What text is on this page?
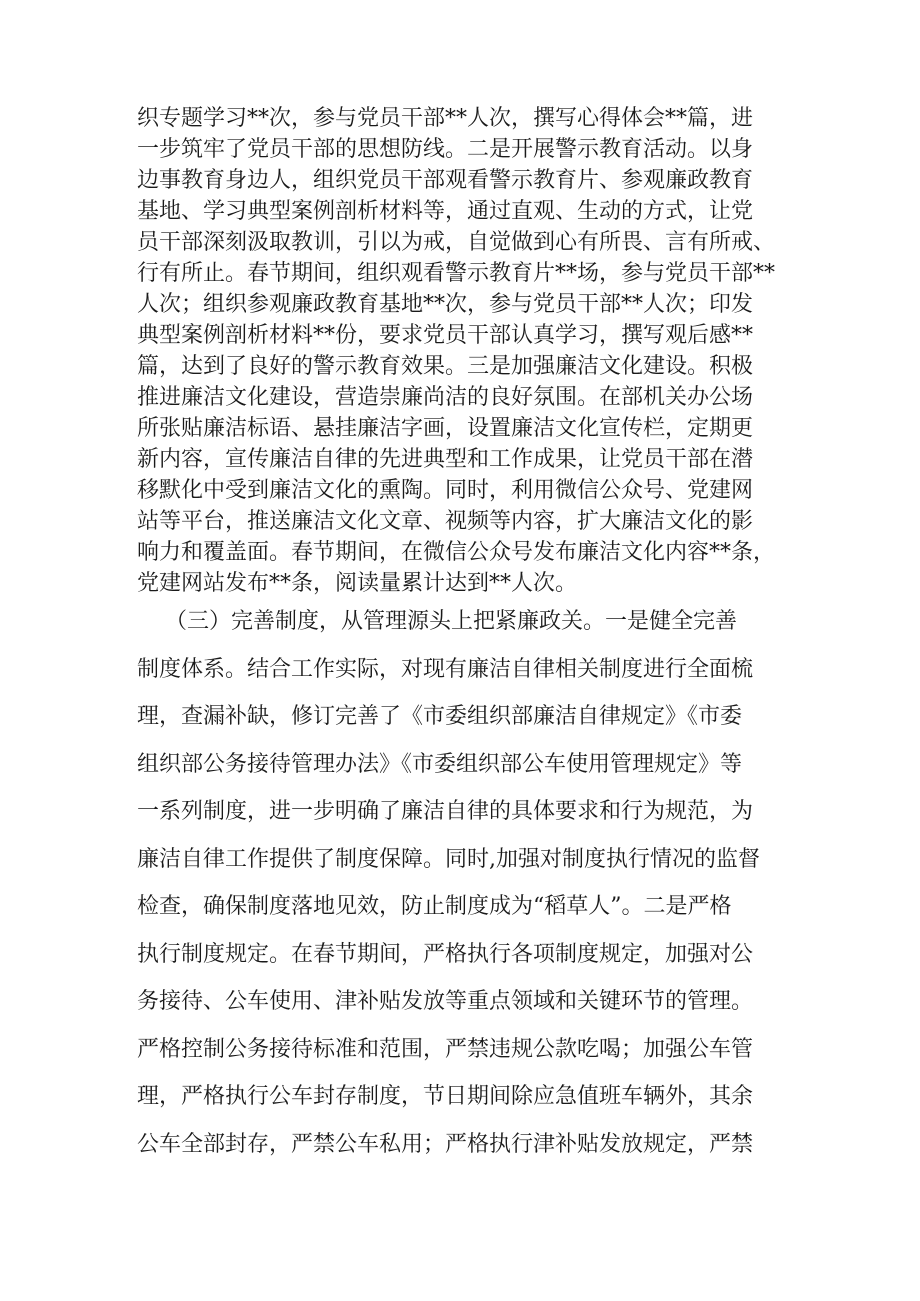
织专题学习**次，参与党员干部**人次，撰写心得体会**篇，进
一步筑牢了党员干部的思想防线。二是开展警示教育活动。以身
边事教育身边人，组织党员干部观看警示教育片、参观廉政教育
基地、学习典型案例剖析材料等，通过直观、生动的方式，让党
员干部深刻汲取教训，引以为戒，自觉做到心有所畏、言有所戒、
行有所止。春节期间，组织观看警示教育片**场，参与党员干部**
人次；组织参观廉政教育基地**次，参与党员干部**人次；印发
典型案例剖析材料**份，要求党员干部认真学习，撰写观后感**
篇，达到了良好的警示教育效果。三是加强廉洁文化建设。积极
推进廉洁文化建设，营造崇廉尚洁的良好氛围。在部机关办公场
所张贴廉洁标语、悬挂廉洁字画，设置廉洁文化宣传栏，定期更
新内容，宣传廉洁自律的先进典型和工作成果，让党员干部在潜
移默化中受到廉洁文化的熏陶。同时，利用微信公众号、党建网
站等平台，推送廉洁文化文章、视频等内容，扩大廉洁文化的影
响力和覆盖面。春节期间，在微信公众号发布廉洁文化内容**条，
党建网站发布**条，阅读量累计达到**人次。
（三）完善制度，从管理源头上把紧廉政关。一是健全完善
制度体系。结合工作实际，对现有廉洁自律相关制度进行全面梳
理，查漏补缺，修订完善了《市委组织部廉洁自律规定》《市委
组织部公务接待管理办法》《市委组织部公车使用管理规定》等
一系列制度，进一步明确了廉洁自律的具体要求和行为规范，为
廉洁自律工作提供了制度保障。同时,加强对制度执行情况的监督
检查，确保制度落地见效，防止制度成为“稻草人”。二是严格
执行制度规定。在春节期间，严格执行各项制度规定，加强对公
务接待、公车使用、津补贴发放等重点领域和关键环节的管理。
严格控制公务接待标准和范围，严禁违规公款吃喝；加强公车管
理，严格执行公车封存制度，节日期间除应急值班车辆外，其余
公车全部封存，严禁公车私用；严格执行津补贴发放规定，严禁
